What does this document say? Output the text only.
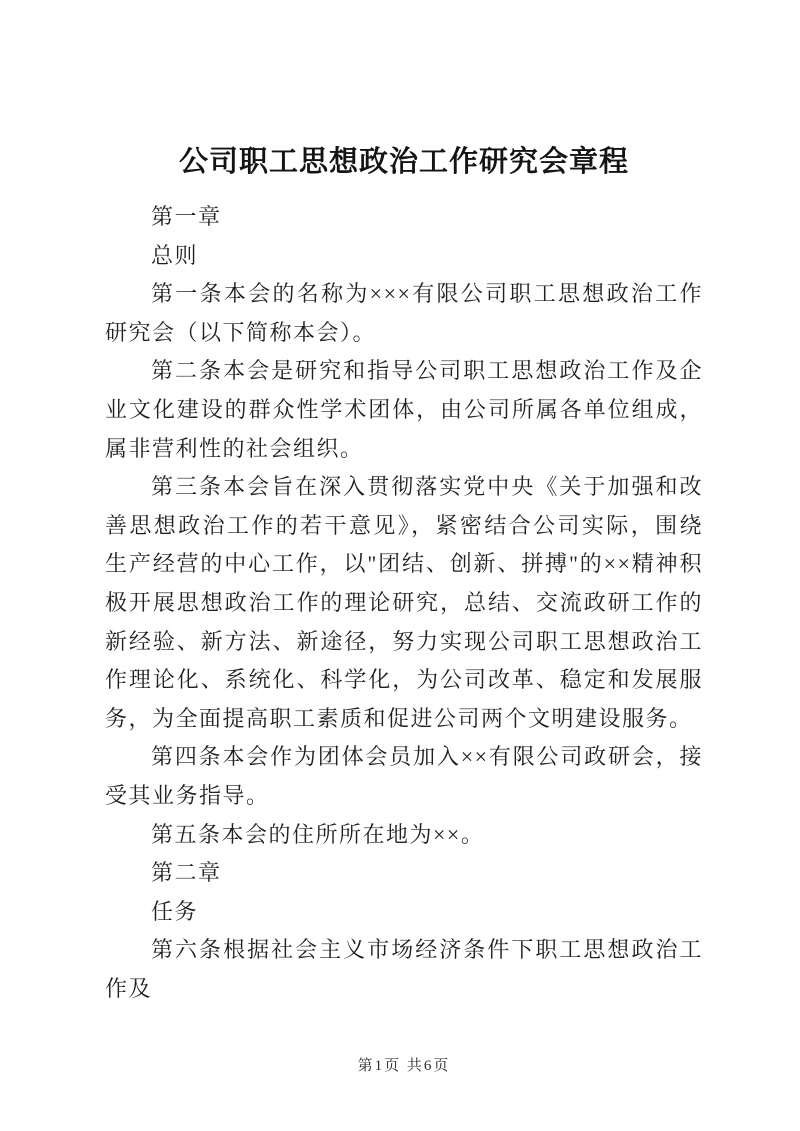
公司职工思想政治工作研究会章程

第一章

总则

第一条本会的名称为×××有限公司职工思想政治工作研究会（以下简称本会）。

第二条本会是研究和指导公司职工思想政治工作及企业文化建设的群众性学术团体，由公司所属各单位组成，属非营利性的社会组织。

第三条本会旨在深入贯彻落实党中央《关于加强和改善思想政治工作的若干意见》，紧密结合公司实际，围绕生产经营的中心工作，以"团结、创新、拼搏"的××精神积极开展思想政治工作的理论研究，总结、交流政研工作的新经验、新方法、新途径，努力实现公司职工思想政治工作理论化、系统化、科学化，为公司改革、稳定和发展服务，为全面提高职工素质和促进公司两个文明建设服务。

第四条本会作为团体会员加入××有限公司政研会，接受其业务指导。

第五条本会的住所所在地为××。

第二章

任务

第六条根据社会主义市场经济条件下职工思想政治工作及

第1页 共6页
